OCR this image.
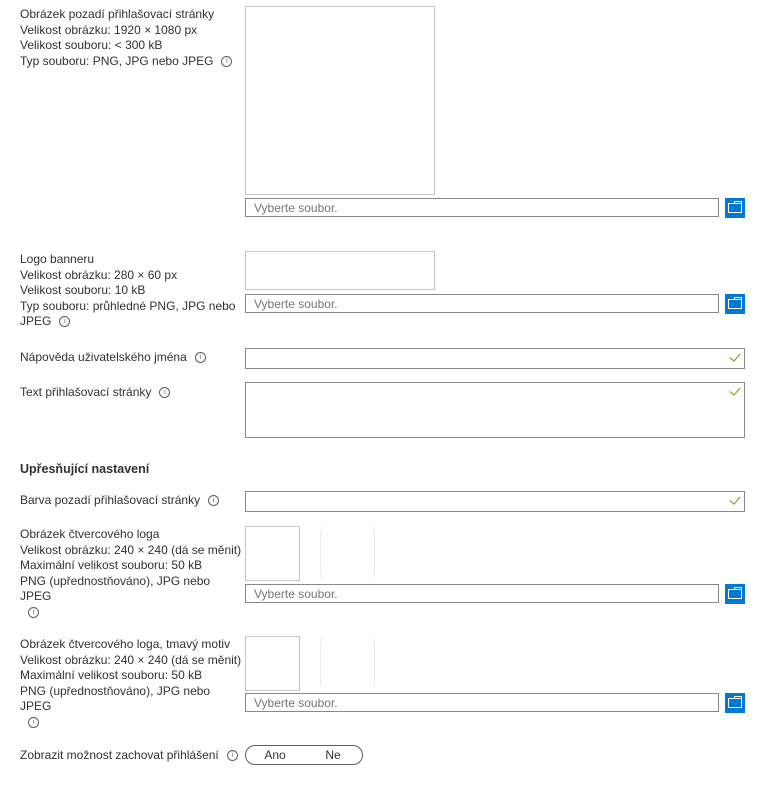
Obrázek pozadí přihlašovací stránky
Velikost obrázku: 1920 × 1080 px
Velikost souboru: < 300 kB
Typ souboru: PNG, JPG nebo JPEG i
Vyberte soubor.
Logo banneru
Velikost obrázku: 280 × 60 px
Velikost souboru: 10 kB
Typ souboru: průhledné PNG, JPG nebo JPEG i
Vyberte soubor.
Nápověda uživatelského jména i
Text přihlašovací stránky i
Upřesňující nastavení
Barva pozadí přihlašovací stránky i
Obrázek čtvercového loga
Velikost obrázku: 240 × 240 (dá se měnit)
Maximální velikost souboru: 50 kB
PNG (upřednostňováno), JPG nebo JPEG
i
Vyberte soubor.
Obrázek čtvercového loga, tmavý motiv
Velikost obrázku: 240 × 240 (dá se měnit)
Maximální velikost souboru: 50 kB
PNG (upřednostňováno), JPG nebo JPEG
i
Vyberte soubor.
Zobrazit možnost zachovat přihlášení i	Ano	Ne
